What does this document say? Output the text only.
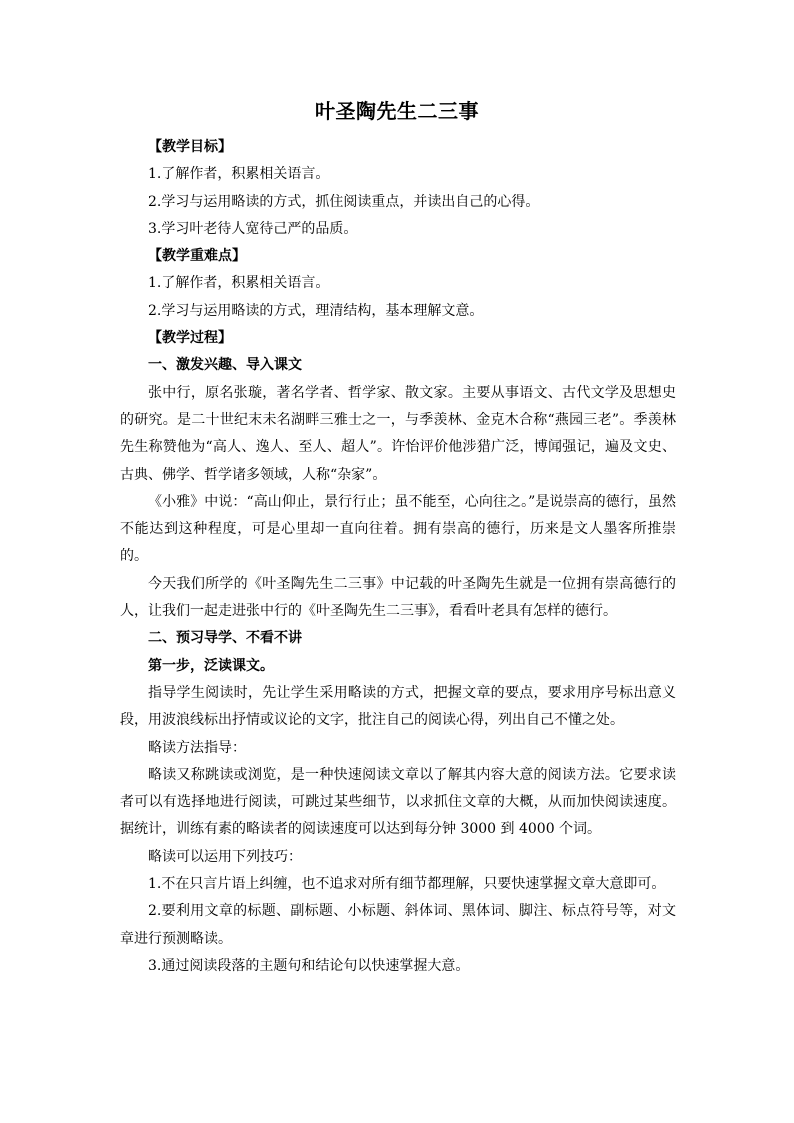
叶圣陶先生二三事

【教学目标】

1.了解作者，积累相关语言。

2.学习与运用略读的方式，抓住阅读重点，并读出自己的心得。

3.学习叶老待人宽待己严的品质。

【教学重难点】

1.了解作者，积累相关语言。

2.学习与运用略读的方式，理清结构，基本理解文意。

【教学过程】

一、激发兴趣、导入课文

张中行，原名张璇，著名学者、哲学家、散文家。主要从事语文、古代文学及思想史的研究。是二十世纪末未名湖畔三雅士之一，与季羡林、金克木合称“燕园三老”。季羡林先生称赞他为“高人、逸人、至人、超人”。许怡评价他涉猎广泛，博闻强记，遍及文史、古典、佛学、哲学诸多领域，人称“杂家”。

《小雅》中说：“高山仰止，景行行止；虽不能至，心向往之。”是说崇高的德行，虽然不能达到这种程度，可是心里却一直向往着。拥有崇高的德行，历来是文人墨客所推崇的。

今天我们所学的《叶圣陶先生二三事》中记载的叶圣陶先生就是一位拥有崇高德行的人，让我们一起走进张中行的《叶圣陶先生二三事》，看看叶老具有怎样的德行。

二、预习导学、不看不讲

第一步，泛读课文。

指导学生阅读时，先让学生采用略读的方式，把握文章的要点，要求用序号标出意义段，用波浪线标出抒情或议论的文字，批注自己的阅读心得，列出自己不懂之处。

略读方法指导：

略读又称跳读或浏览，是一种快速阅读文章以了解其内容大意的阅读方法。它要求读者可以有选择地进行阅读，可跳过某些细节，以求抓住文章的大概，从而加快阅读速度。据统计，训练有素的略读者的阅读速度可以达到每分钟 3000 到 4000 个词。

略读可以运用下列技巧：

1.不在只言片语上纠缠，也不追求对所有细节都理解，只要快速掌握文章大意即可。

2.要利用文章的标题、副标题、小标题、斜体词、黑体词、脚注、标点符号等，对文章进行预测略读。

3.通过阅读段落的主题句和结论句以快速掌握大意。
